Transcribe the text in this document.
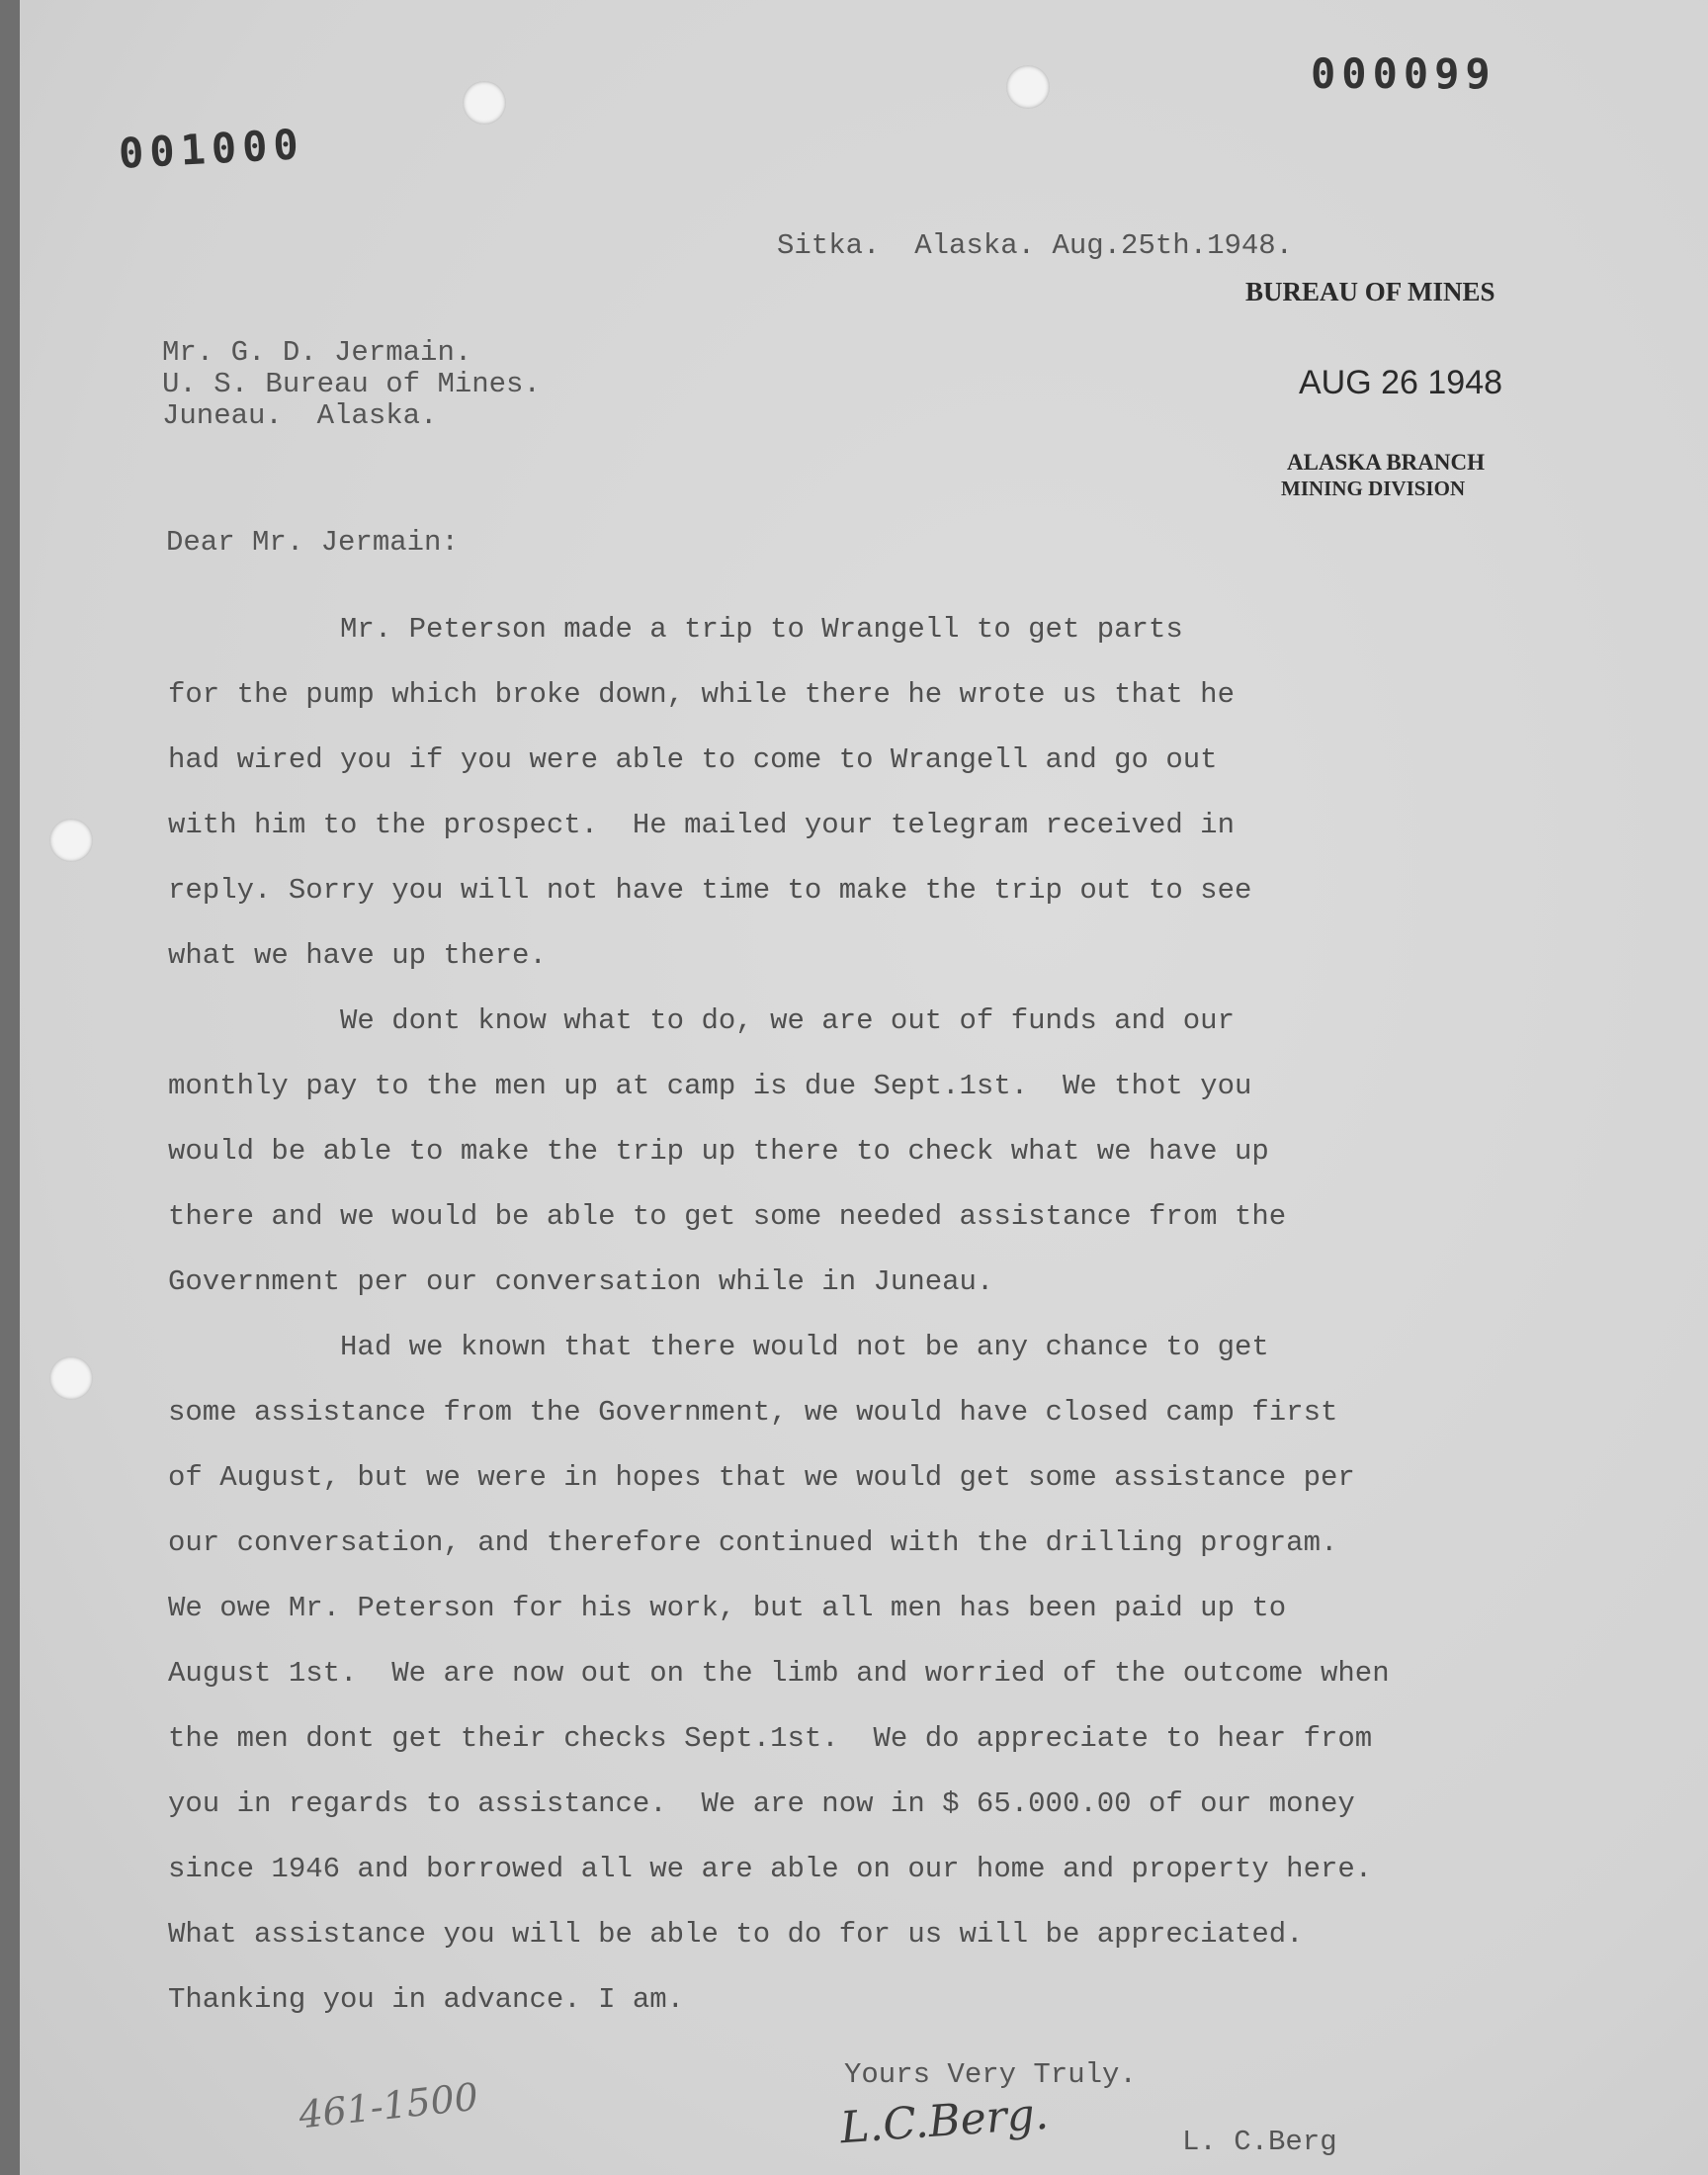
000099
001000
Sitka.  Alaska. Aug.25th.1948.
BUREAU OF MINES
AUG 26 1948
ALASKA BRANCH
MINING DIVISION
Mr. G. D. Jermain.
U. S. Bureau of Mines.
Juneau.  Alaska.
Dear Mr. Jermain:
Mr. Peterson made a trip to Wrangell to get parts
for the pump which broke down, while there he wrote us that he
had wired you if you were able to come to Wrangell and go out
with him to the prospect.  He mailed your telegram received in
reply. Sorry you will not have time to make the trip out to see
what we have up there.
We dont know what to do, we are out of funds and our
monthly pay to the men up at camp is due Sept.1st.  We thot you
would be able to make the trip up there to check what we have up
there and we would be able to get some needed assistance from the
Government per our conversation while in Juneau.
Had we known that there would not be any chance to get
some assistance from the Government, we would have closed camp first
of August, but we were in hopes that we would get some assistance per
our conversation, and therefore continued with the drilling program.
We owe Mr. Peterson for his work, but all men has been paid up to
August 1st.  We are now out on the limb and worried of the outcome when
the men dont get their checks Sept.1st.  We do appreciate to hear from
you in regards to assistance.  We are now in $ 65.000.00 of our money
since 1946 and borrowed all we are able on our home and property here.
What assistance you will be able to do for us will be appreciated.
Thanking you in advance. I am.
Yours Very Truly.
L.C.Berg.	L. C.Berg
461-1500
